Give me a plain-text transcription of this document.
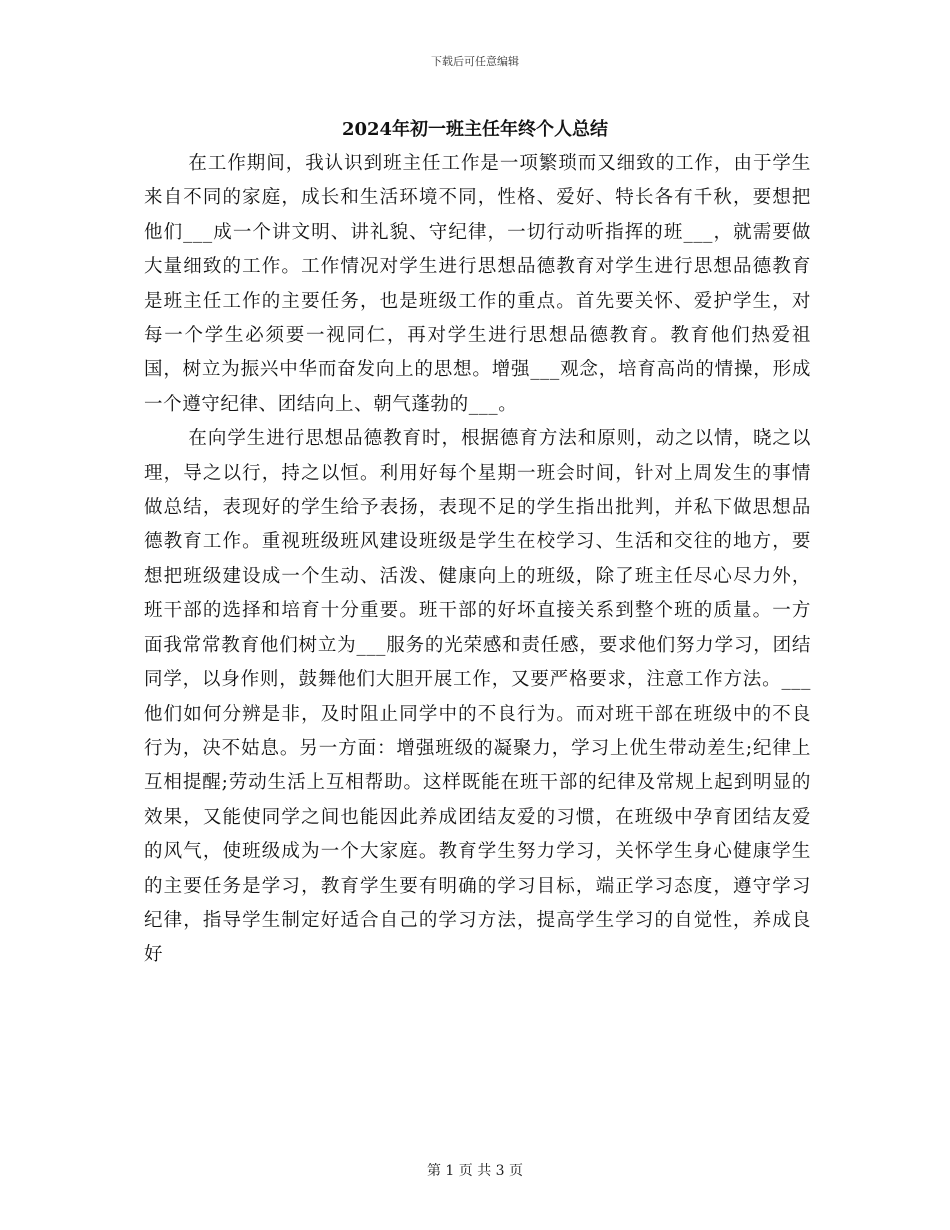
下载后可任意编辑
2024年初一班主任年终个人总结

在工作期间，我认识到班主任工作是一项繁琐而又细致的工作，由于学生来自不同的家庭，成长和生活环境不同，性格、爱好、特长各有千秋，要想把他们___成一个讲文明、讲礼貌、守纪律，一切行动听指挥的班___，就需要做大量细致的工作。工作情况对学生进行思想品德教育对学生进行思想品德教育是班主任工作的主要任务，也是班级工作的重点。首先要关怀、爱护学生，对每一个学生必须要一视同仁，再对学生进行思想品德教育。教育他们热爱祖国，树立为振兴中华而奋发向上的思想。增强___观念，培育高尚的情操，形成一个遵守纪律、团结向上、朝气蓬勃的___。

在向学生进行思想品德教育时，根据德育方法和原则，动之以情，晓之以理，导之以行，持之以恒。利用好每个星期一班会时间，针对上周发生的事情做总结，表现好的学生给予表扬，表现不足的学生指出批判，并私下做思想品德教育工作。重视班级班风建设班级是学生在校学习、生活和交往的地方，要想把班级建设成一个生动、活泼、健康向上的班级，除了班主任尽心尽力外，班干部的选择和培育十分重要。班干部的好坏直接关系到整个班的质量。一方面我常常教育他们树立为___服务的光荣感和责任感，要求他们努力学习，团结同学，以身作则，鼓舞他们大胆开展工作，又要严格要求，注意工作方法。___他们如何分辨是非，及时阻止同学中的不良行为。而对班干部在班级中的不良行为，决不姑息。另一方面：增强班级的凝聚力，学习上优生带动差生;纪律上互相提醒;劳动生活上互相帮助。这样既能在班干部的纪律及常规上起到明显的效果，又能使同学之间也能因此养成团结友爱的习惯，在班级中孕育团结友爱的风气，使班级成为一个大家庭。教育学生努力学习，关怀学生身心健康学生的主要任务是学习，教育学生要有明确的学习目标，端正学习态度，遵守学习纪律，指导学生制定好适合自己的学习方法，提高学生学习的自觉性，养成良好

第 1 页 共 3 页
